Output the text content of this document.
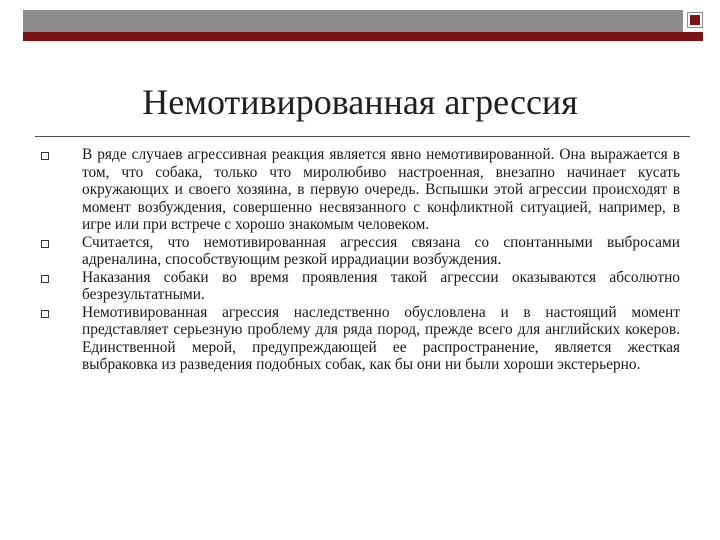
Немотивированная агрессия
В ряде случаев агрессивная реакция является явно немотивированной. Она выражается в том, что собака, только что миролюбиво настроенная, внезапно начинает кусать окружающих и своего хозяина, в первую очередь. Вспышки этой агрессии происходят в момент возбуждения, совершенно несвязанного с конфликтной ситуацией, например, в игре или при встрече с хорошо знакомым человеком.
Считается, что немотивированная агрессия связана со спонтанными выбросами адреналина, способствующим резкой иррадиации возбуждения.
Наказания собаки во время проявления такой агрессии оказываются абсолютно безрезультатными.
Немотивированная агрессия наследственно обусловлена и в настоящий момент представляет серьезную проблему для ряда пород, прежде всего для английских кокеров. Единственной мерой, предупреждающей ее распространение, является жесткая выбраковка из разведения подобных собак, как бы они ни были хороши экстерьерно.
